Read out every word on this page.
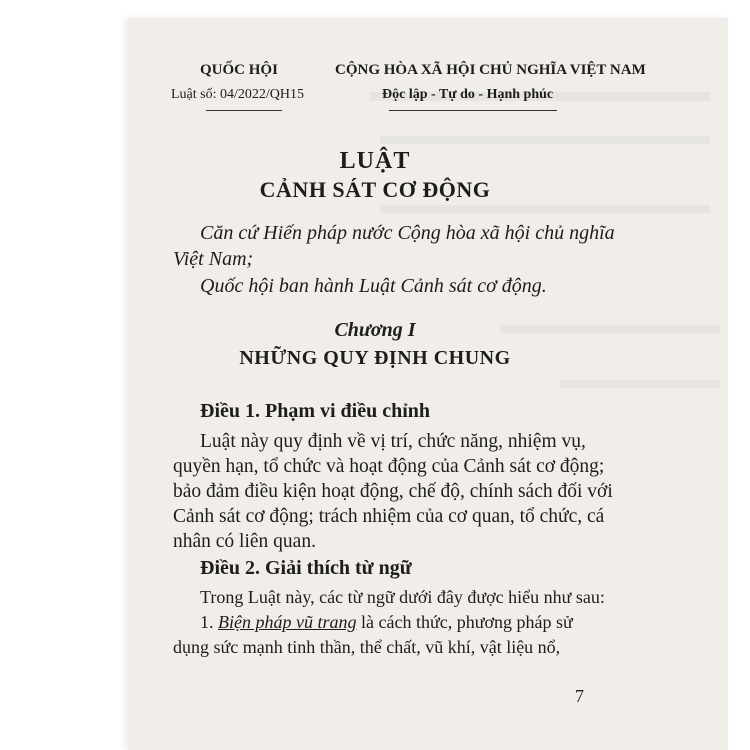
QUỐC HỘI
Luật số: 04/2022/QH15
CỘNG HÒA XÃ HỘI CHỦ NGHĨA VIỆT NAM
Độc lập - Tự do - Hạnh phúc
LUẬT
CẢNH SÁT CƠ ĐỘNG
Căn cứ Hiến pháp nước Cộng hòa xã hội chủ nghĩa
Việt Nam;
Quốc hội ban hành Luật Cảnh sát cơ động.
Chương I
NHỮNG QUY ĐỊNH CHUNG
Điều 1. Phạm vi điều chỉnh
Luật này quy định về vị trí, chức năng, nhiệm vụ,
quyền hạn, tổ chức và hoạt động của Cảnh sát cơ động;
bảo đảm điều kiện hoạt động, chế độ, chính sách đối với
Cảnh sát cơ động; trách nhiệm của cơ quan, tổ chức, cá
nhân có liên quan.
Điều 2. Giải thích từ ngữ
Trong Luật này, các từ ngữ dưới đây được hiểu như sau:
1. Biện pháp vũ trang là cách thức, phương pháp sử
dụng sức mạnh tinh thần, thể chất, vũ khí, vật liệu nổ,
7
